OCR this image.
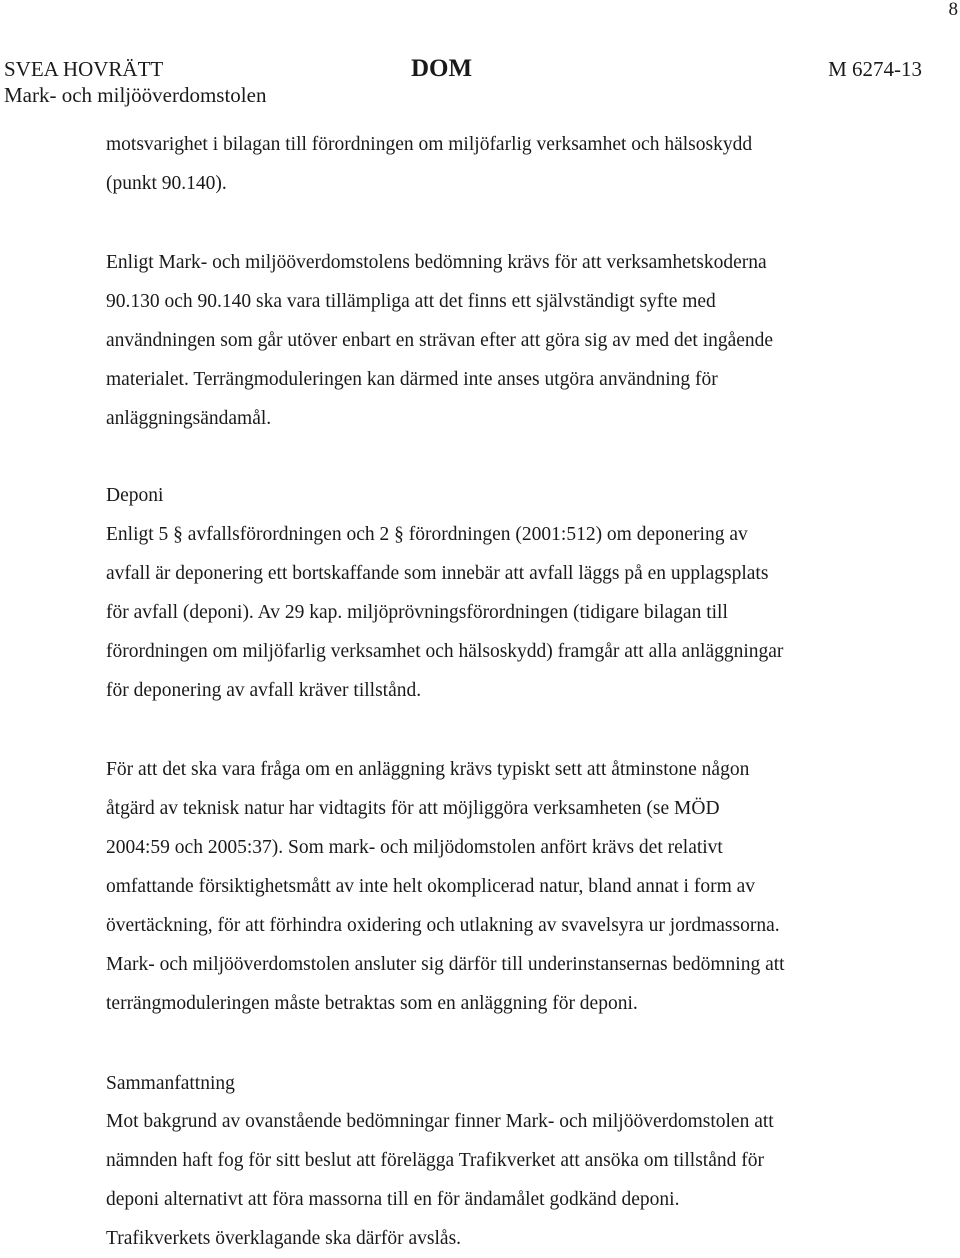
8
SVEA HOVRÄTT
Mark- och miljööverdomstolen
DOM	M 6274-13

motsvarighet i bilagan till förordningen om miljöfarlig verksamhet och hälsoskydd
(punkt 90.140).

Enligt Mark- och miljööverdomstolens bedömning krävs för att verksamhetskoderna
90.130 och 90.140 ska vara tillämpliga att det finns ett självständigt syfte med
användningen som går utöver enbart en strävan efter att göra sig av med det ingående
materialet. Terrängmoduleringen kan därmed inte anses utgöra användning för
anläggningsändamål.

Deponi

Enligt 5 § avfallsförordningen och 2 § förordningen (2001:512) om deponering av
avfall är deponering ett bortskaffande som innebär att avfall läggs på en upplagsplats
för avfall (deponi). Av 29 kap. miljöprövningsförordningen (tidigare bilagan till
förordningen om miljöfarlig verksamhet och hälsoskydd) framgår att alla anläggningar
för deponering av avfall kräver tillstånd.

För att det ska vara fråga om en anläggning krävs typiskt sett att åtminstone någon
åtgärd av teknisk natur har vidtagits för att möjliggöra verksamheten (se MÖD
2004:59 och 2005:37). Som mark- och miljödomstolen anfört krävs det relativt
omfattande försiktighetsmått av inte helt okomplicerad natur, bland annat i form av
övertäckning, för att förhindra oxidering och utlakning av svavelsyra ur jordmassorna.
Mark- och miljööverdomstolen ansluter sig därför till underinstansernas bedömning att
terrängmoduleringen måste betraktas som en anläggning för deponi.

Sammanfattning

Mot bakgrund av ovanstående bedömningar finner Mark- och miljööverdomstolen att
nämnden haft fog för sitt beslut att förelägga Trafikverket att ansöka om tillstånd för
deponi alternativt att föra massorna till en för ändamålet godkänd deponi.
Trafikverkets överklagande ska därför avslås.
